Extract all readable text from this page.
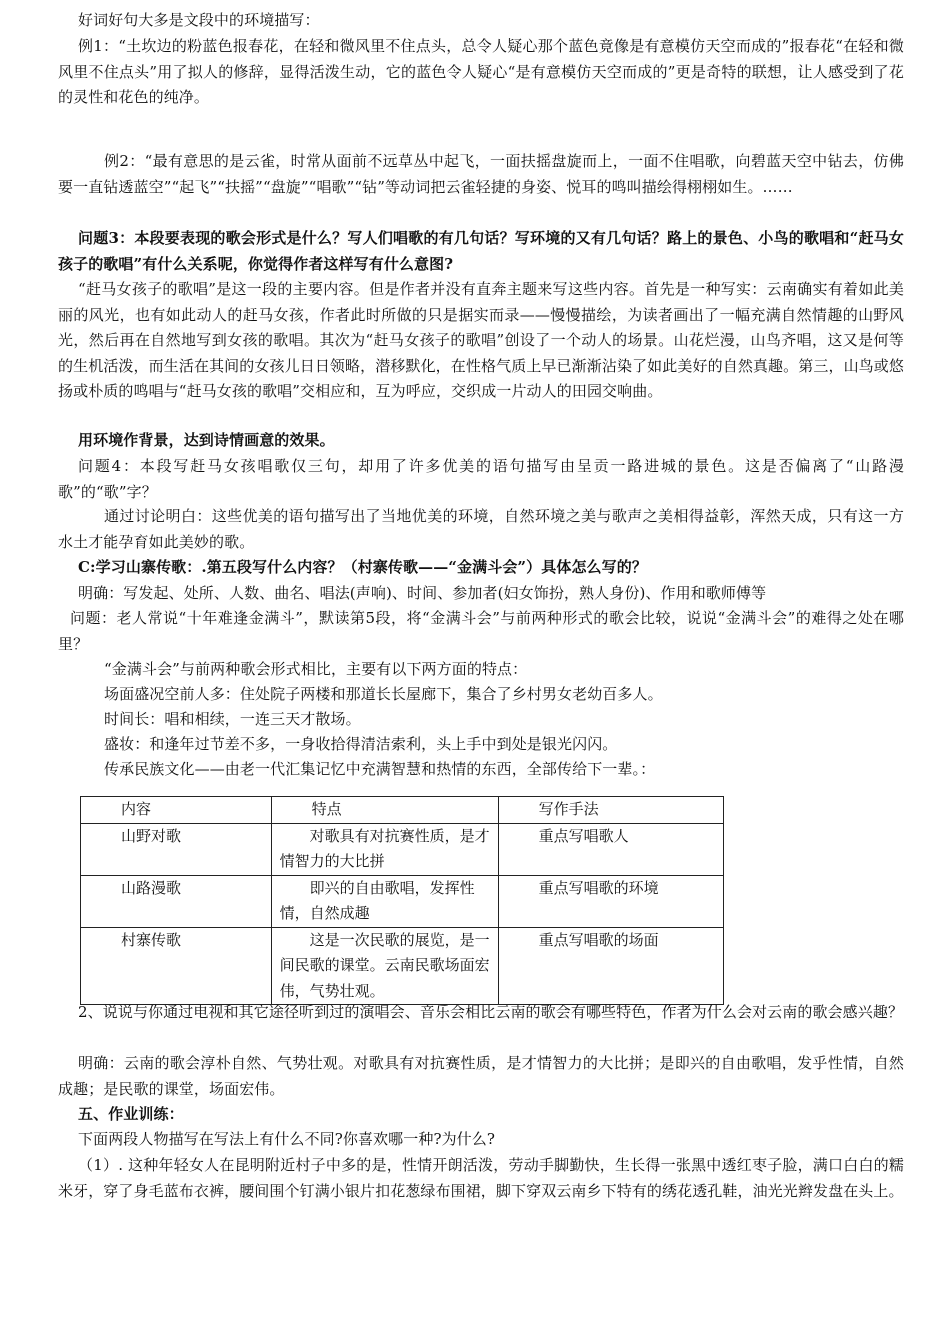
好词好句大多是文段中的环境描写：

例1：“土坎边的粉蓝色报春花，在轻和微风里不住点头，总令人疑心那个蓝色竟像是有意模仿天空而成的”报春花“在轻和微风里不住点头”用了拟人的修辞，显得活泼生动，它的蓝色令人疑心“是有意模仿天空而成的”更是奇特的联想，让人感受到了花的灵性和花色的纯净。

例2：“最有意思的是云雀，时常从面前不远草丛中起飞，一面扶摇盘旋而上，一面不住唱歌，向碧蓝天空中钻去，仿佛要一直钻透蓝空”“起飞”“扶摇”“盘旋”“唱歌”“钻”等动词把云雀轻捷的身姿、悦耳的鸣叫描绘得栩栩如生。……

问题3：本段要表现的歌会形式是什么？写人们唱歌的有几句话？写环境的又有几句话？路上的景色、小鸟的歌唱和“赶马女孩子的歌唱”有什么关系呢，你觉得作者这样写有什么意图?

“赶马女孩子的歌唱”是这一段的主要内容。但是作者并没有直奔主题来写这些内容。首先是一种写实：云南确实有着如此美丽的风光，也有如此动人的赶马女孩，作者此时所做的只是据实而录——慢慢描绘，为读者画出了一幅充满自然情趣的山野风光，然后再在自然地写到女孩的歌唱。其次为“赶马女孩子的歌唱”创设了一个动人的场景。山花烂漫，山鸟齐唱，这又是何等的生机活泼，而生活在其间的女孩儿日日领略，潜移默化，在性格气质上早已渐渐沾染了如此美好的自然真趣。第三，山鸟或悠扬或朴质的鸣唱与“赶马女孩的歌唱”交相应和，互为呼应，交织成一片动人的田园交响曲。

用环境作背景，达到诗情画意的效果。

问题4：本段写赶马女孩唱歌仅三句，却用了许多优美的语句描写由呈贡一路进城的景色。这是否偏离了“山路漫歌”的“歌”字？

通过讨论明白：这些优美的语句描写出了当地优美的环境，自然环境之美与歌声之美相得益彰，浑然天成，只有这一方水土才能孕育如此美妙的歌。

C:学习山寨传歌：.第五段写什么内容？（村寨传歌——“金满斗会”）具体怎么写的？

明确：写发起、处所、人数、曲名、唱法(声响)、时间、参加者(妇女饰扮，熟人身份)、作用和歌师傅等

问题：老人常说“十年难逢金满斗”，默读第5段，将“金满斗会”与前两种形式的歌会比较，说说“金满斗会”的难得之处在哪里？

“金满斗会”与前两种歌会形式相比，主要有以下两方面的特点：

场面盛况空前人多：住处院子两楼和那道长长屋廊下，集合了乡村男女老幼百多人。

时间长：唱和相续，一连三天才散场。

盛妆：和逢年过节差不多，一身收拾得清洁索利，头上手中到处是银光闪闪。

传承民族文化——由老一代汇集记忆中充满智慧和热情的东西，全部传给下一辈。：

内容	特点	写作手法
山野对歌	对歌具有对抗赛性质，是才情智力的大比拼	重点写唱歌人
山路漫歌	即兴的自由歌唱，发挥性情，自然成趣	重点写唱歌的环境
村寨传歌	这是一次民歌的展览，是一间民歌的课堂。云南民歌场面宏伟，气势壮观。	重点写唱歌的场面

2、说说与你通过电视和其它途径听到过的演唱会、音乐会相比云南的歌会有哪些特色，作者为什么会对云南的歌会感兴趣？

明确：云南的歌会淳朴自然、气势壮观。对歌具有对抗赛性质，是才情智力的大比拼；是即兴的自由歌唱，发乎性情，自然成趣；是民歌的课堂，场面宏伟。

五、作业训练：

下面两段人物描写在写法上有什么不同?你喜欢哪一种?为什么?

（1）. 这种年轻女人在昆明附近村子中多的是，性情开朗活泼，劳动手脚勤快，生长得一张黑中透红枣子脸，满口白白的糯米牙，穿了身毛蓝布衣裤，腰间围个钉满小银片扣花葱绿布围裙，脚下穿双云南乡下特有的绣花透孔鞋，油光光辫发盘在头上。
